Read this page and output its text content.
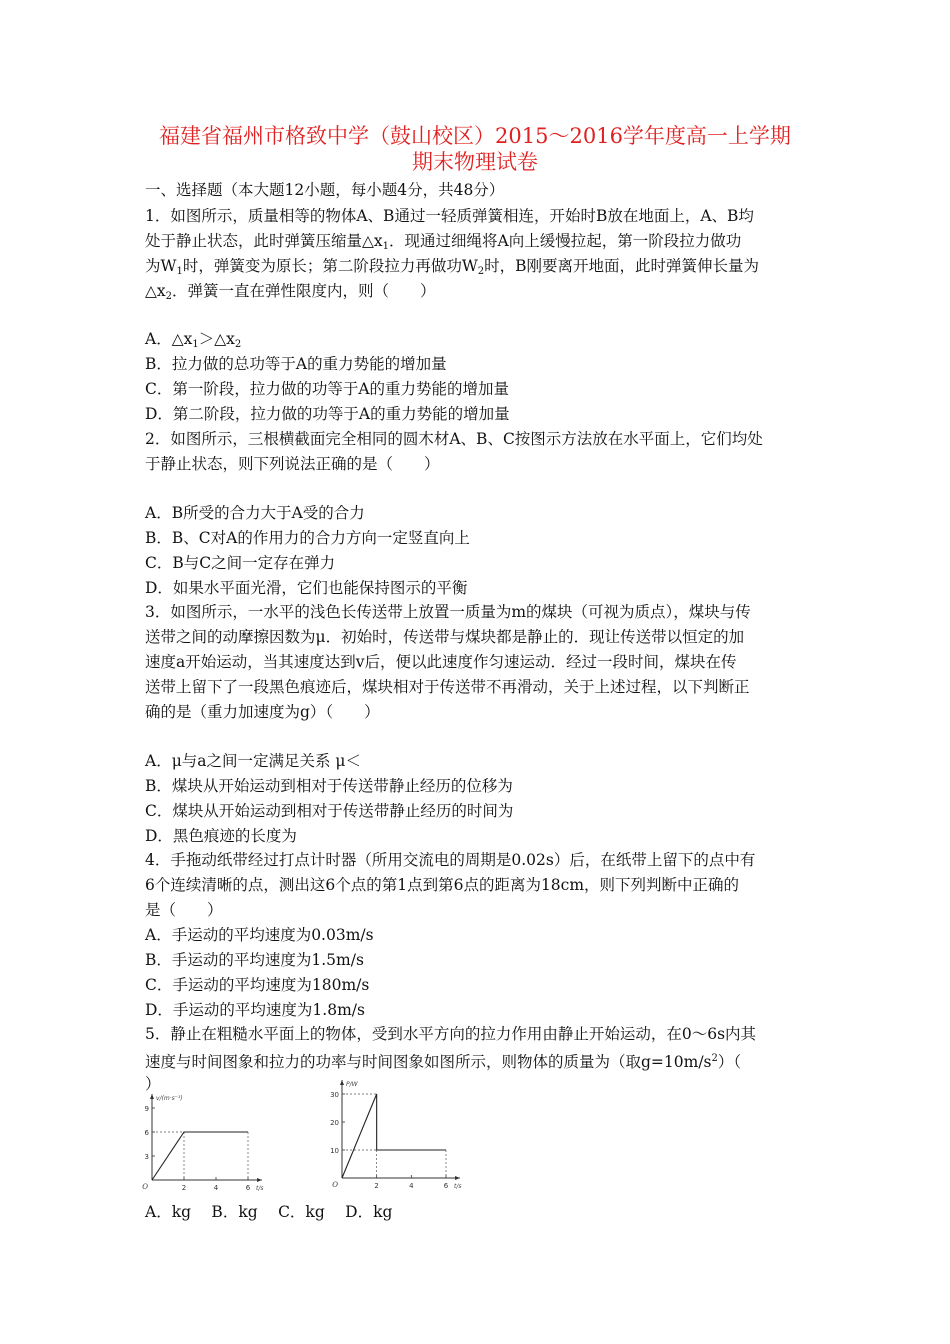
福建省福州市格致中学（鼓山校区）2015～2016学年度高一上学期
期末物理试卷
一、选择题（本大题12小题，每小题4分，共48分）
1．如图所示，质量相等的物体A、B通过一轻质弹簧相连，开始时B放在地面上，A、B均
处于静止状态，此时弹簧压缩量$\triangle x_1$．现通过细绳将A向上缓慢拉起，第一阶段拉力做功
为$W_1$时，弹簧变为原长；第二阶段拉力再做功$W_2$时，B刚要离开地面，此时弹簧伸长量为
$\triangle x_2$．弹簧一直在弹性限度内，则（　　）
A．$\triangle x_1>\triangle x_2$
B．拉力做的总功等于A的重力势能的增加量
C．第一阶段，拉力做的功等于A的重力势能的增加量
D．第二阶段，拉力做的功等于A的重力势能的增加量
2．如图所示，三根横截面完全相同的圆木材A、B、C按图示方法放在水平面上，它们均处
于静止状态，则下列说法正确的是（　　）
A．B所受的合力大于A受的合力
B．B、C对A的作用力的合力方向一定竖直向上
C．B与C之间一定存在弹力
D．如果水平面光滑，它们也能保持图示的平衡
3．如图所示，一水平的浅色长传送带上放置一质量为m的煤块（可视为质点），煤块与传
送带之间的动摩擦因数为μ．初始时，传送带与煤块都是静止的．现让传送带以恒定的加
速度a开始运动，当其速度达到v后，便以此速度作匀速运动．经过一段时间，煤块在传
送带上留下了一段黑色痕迹后，煤块相对于传送带不再滑动，关于上述过程，以下判断正
确的是（重力加速度为g）（　　）
A．μ与a之间一定满足关系 μ＜
B．煤块从开始运动到相对于传送带静止经历的位移为
C．煤块从开始运动到相对于传送带静止经历的时间为
D．黑色痕迹的长度为
4．手拖动纸带经过打点计时器（所用交流电的周期是0.02s）后，在纸带上留下的点中有
6个连续清晰的点，测出这6个点的第1点到第6点的距离为18cm，则下列判断中正确的
是（　　）
A．手运动的平均速度为0.03m/s
B．手运动的平均速度为1.5m/s
C．手运动的平均速度为180m/s
D．手运动的平均速度为1.8m/s
5．静止在粗糙水平面上的物体，受到水平方向的拉力作用由静止开始运动，在0～6s内其
速度与时间图象和拉力的功率与时间图象如图所示，则物体的质量为（取$g=10m/s^2$）（
）
9
6
3
2	4	6
O
v/(m·s⁻¹)
t/s
30
20
10
2	4	6
O
P/W
t/s
A．kg　 B．kg　 C．kg　 D．kg
